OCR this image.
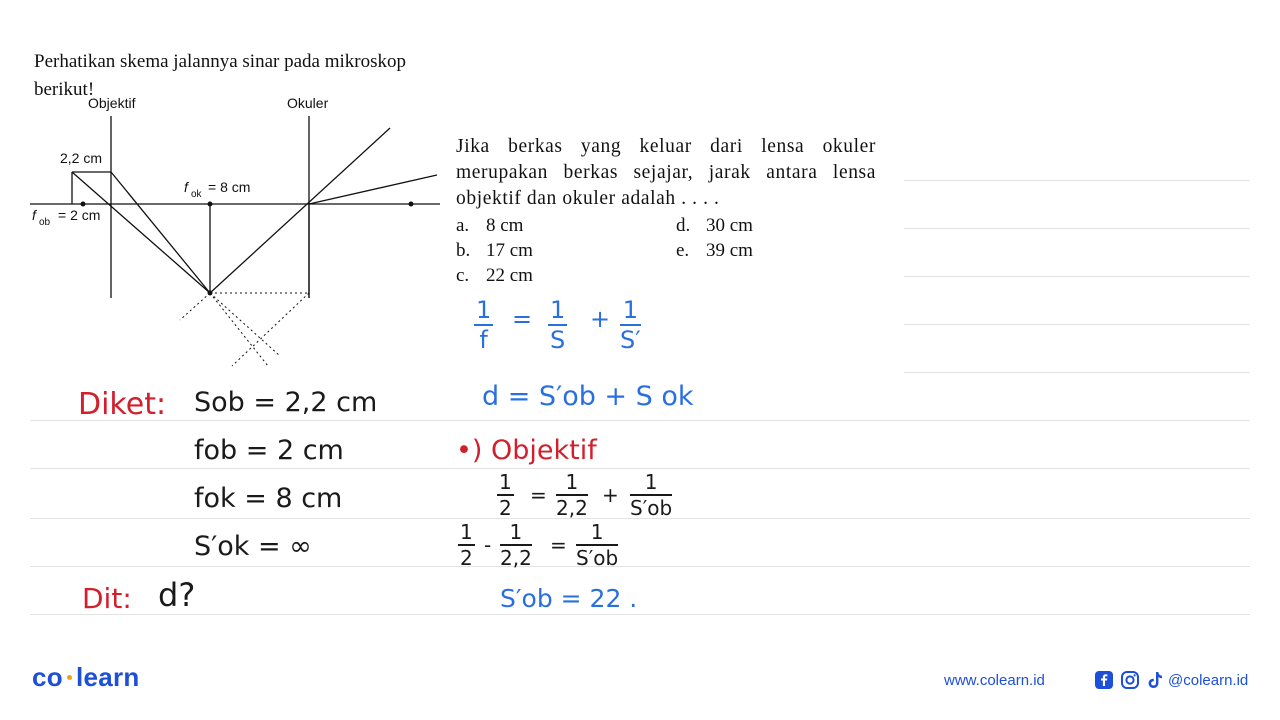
Perhatikan skema jalannya sinar pada mikroskop berikut!
Objektif	Okuler
2,2 cm
f ok = 8 cm
f ob = 2 cm
Jika berkas yang keluar dari lensa okuler merupakan berkas sejajar, jarak antara lensa objektif dan okuler adalah . . . .
a. 8 cm
b. 17 cm
c. 22 cm
d. 30 cm
e. 39 cm
$\frac{1}{f} = \frac{1}{S} + \frac{1}{S'}$
d = S′ob + S ok
Diket: Sob = 2,2 cm
fob = 2 cm
fok = 8 cm
S′ok = ∞
Dit: d?
•) Objektif
$\frac{1}{2} = \frac{1}{2,2} + \frac{1}{S'ob}$
$\frac{1}{2} - \frac{1}{2,2} = \frac{1}{S'ob}$
S′ob = 22 .
co learn	www.colearn.id	@colearn.id
